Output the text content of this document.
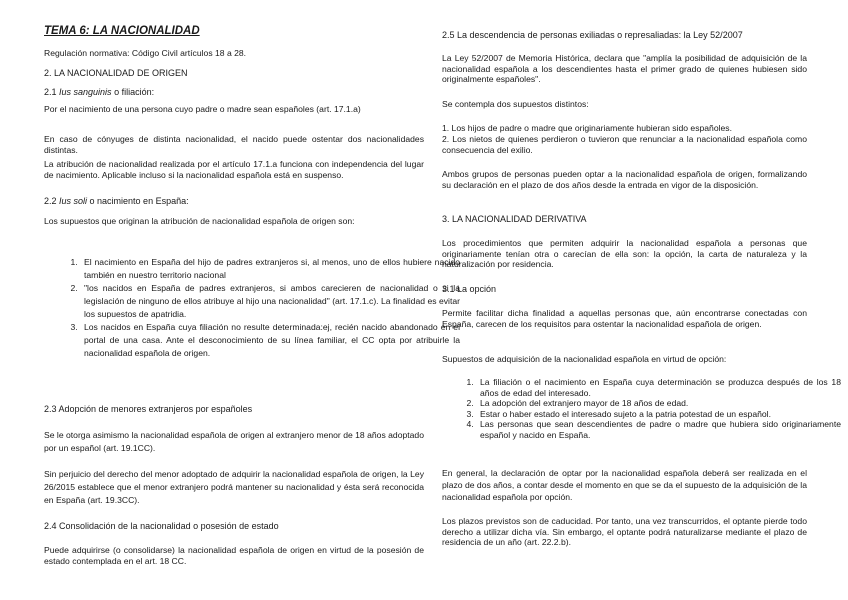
TEMA 6: LA NACIONALIDAD

Regulación normativa: Código Civil artículos 18 a 28.

2. LA NACIONALIDAD DE ORIGEN
2.1 Ius sanguinis o filiación:

Por el nacimiento de una persona cuyo padre o madre sean españoles (art. 17.1.a)

En caso de cónyuges de distinta nacionalidad, el nacido puede ostentar dos nacionalidades distintas.

La atribución de nacionalidad realizada por el artículo 17.1.a funciona con independencia del lugar de nacimiento. Aplicable incluso si la nacionalidad española está en suspenso.

2.2 Ius soli o nacimiento en España:

Los supuestos que originan la atribución de nacionalidad española de origen son:

1. El nacimiento en España del hijo de padres extranjeros si, al menos, uno de ellos hubiere nacido también en nuestro territorio nacional
2. "los nacidos en España de padres extranjeros, si ambos carecieren de nacionalidad o si la legislación de ninguno de ellos atribuye al hijo una nacionalidad" (art. 17.1.c). La finalidad es evitar los supuestos de apatridia.
3. Los nacidos en España cuya filiación no resulte determinada:ej, recién nacido abandonado en el portal de una casa. Ante el desconocimiento de su línea familiar, el CC opta por atribuirle la nacionalidad española de origen.
2.3 Adopción de menores extranjeros por españoles

Se le otorga asimismo la nacionalidad española de origen al extranjero menor de 18 años adoptado por un español (art. 19.1CC).

Sin perjuicio del derecho del menor adoptado de adquirir la nacionalidad española de origen, la Ley 26/2015 establece que el menor extranjero podrá mantener su nacionalidad y ésta será reconocida en España (art. 19.3CC).

2.4 Consolidación de la nacionalidad o posesión de estado

Puede adquirirse (o consolidarse) la nacionalidad española de origen en virtud de la posesión de estado contemplada en el art. 18 CC.

2.5 La descendencia de personas exiliadas o represaliadas: la Ley 52/2007

La Ley 52/2007 de Memoria Histórica, declara que "amplía la posibilidad de adquisición de la nacionalidad española a los descendientes hasta el primer grado de quienes hubiesen sido originalmente españoles".

Se contempla dos supuestos distintos:

1. Los hijos de padre o madre que originariamente hubieran sido españoles.

2. Los nietos de quienes perdieron o tuvieron que renunciar a la nacionalidad española como consecuencia del exilio.

Ambos grupos de personas pueden optar a la nacionalidad española de origen, formalizando su declaración en el plazo de dos años desde la entrada en vigor de la disposición.

3. LA NACIONALIDAD DERIVATIVA

Los procedimientos que permiten adquirir la nacionalidad española a personas que originariamente tenían otra o carecían de ella son: la opción, la carta de naturaleza y la naturalización por residencia.

3.1 La opción

Permite facilitar dicha finalidad a aquellas personas que, aún encontrarse conectadas con España, carecen de los requisitos para ostentar la nacionalidad española de origen.

Supuestos de adquisición de la nacionalidad española en virtud de opción:

1. La filiación o el nacimiento en España cuya determinación se produzca después de los 18 años de edad del interesado.
2. La adopción del extranjero mayor de 18 años de edad.
3. Estar o haber estado el interesado sujeto a la patria potestad de un español.
4. Las personas que sean descendientes de padre o madre que hubiera sido originariamente español y nacido en España.

En general, la declaración de optar por la nacionalidad española deberá ser realizada en el plazo de dos años, a contar desde el momento en que se da el supuesto de la adquisición de la nacionalidad española por opción.

Los plazos previstos son de caducidad. Por tanto, una vez transcurridos, el optante pierde todo derecho a utilizar dicha vía. Sin embargo, el optante podrá naturalizarse mediante el plazo de residencia de un año (art. 22.2.b).
